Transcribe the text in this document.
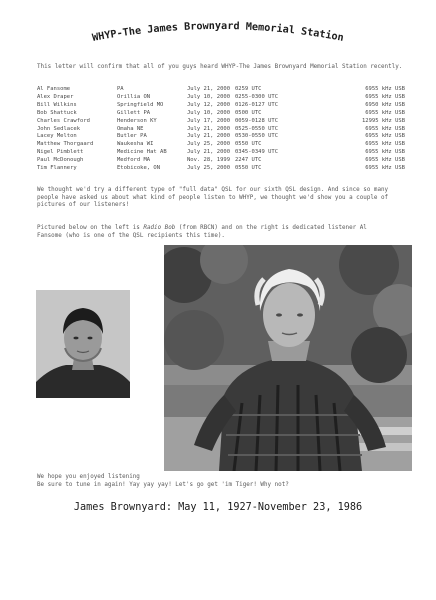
WHYP-The James Brownyard Memorial Station
This letter will confirm that all of you guys heard WHYP-The James Brownyard Memorial Station recently.
Al Fansome	PA	July 21, 2000	0259 UTC	6955 kHz USB
Alex Draper	Orillia ON	July 10, 2000	0255-0300 UTC	6955 kHz USB
Bill Wilkins	Springfield MO	July 12, 2000	0126-0127 UTC	6950 kHz USB
Bob Shattuck	Gillett PA	July 10, 2000	0500 UTC	6955 kHz USB
Charles Crawford	Henderson KY	July 17, 2000	0059-0128 UTC	12995 kHz USB
John Sedlacek	Omaha NE	July 21, 2000	0525-0550 UTC	6955 kHz USB
Lacey Melton	Butler PA	July 21, 2000	0530-0550 UTC	6955 kHz USB
Matthew Thorgaard	Waukesha WI	July 25, 2000	0550 UTC	6955 kHz USB
Nigel Pimblett	Medicine Hat AB	July 21, 2000	0345-0349 UTC	6955 kHz USB
Paul McDonough	Medford MA	Nov. 28, 1999	2247 UTC	6955 kHz USB
Tim Flannery	Etobicoke, ON	July 25, 2000	0550 UTC	6955 kHz USB
We thought we'd try a different type of "full data" QSL for our sixth QSL design. And since so many people have asked us about what kind of people listen to WHYP, we thought we'd show you a couple of pictures of our listeners!
Pictured below on the left is Radio Bob (from RBCN) and on the right is dedicated listener Al Fansome (who is one of the QSL recipients this time).
We hope you enjoyed listening
Be sure to tune in again! Yay yay yay! Let's go get 'im Tiger! Why not?
James Brownyard: May 11, 1927-November 23, 1986
